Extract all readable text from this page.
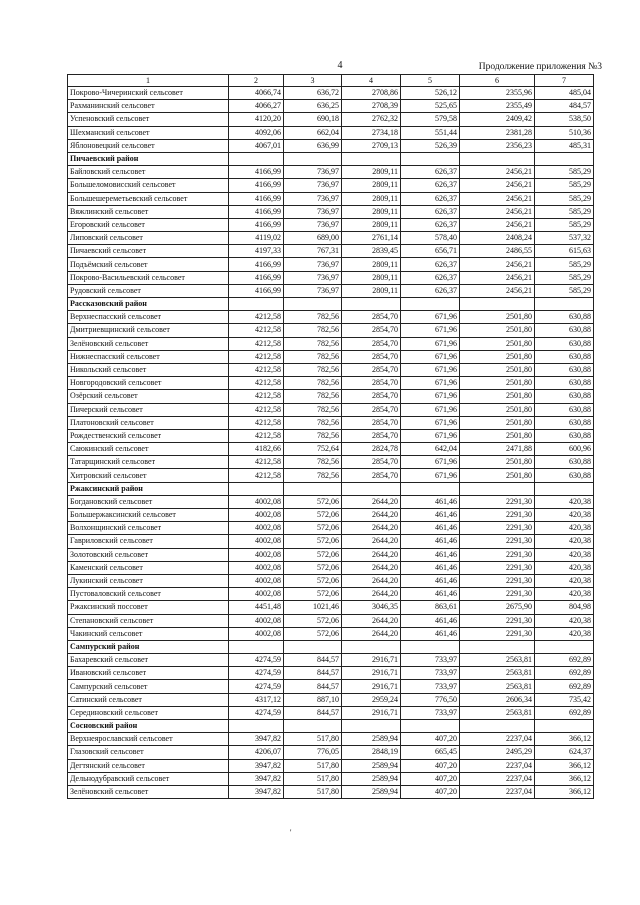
4	Продолжение приложения №3
1	2	3	4	5	6	7
Покрово-Чичеринский сельсовет	4066,74	636,72	2708,86	526,12	2355,96	485,04
Рахманинский сельсовет	4066,27	636,25	2708,39	525,65	2355,49	484,57
Успеновский сельсовет	4120,20	690,18	2762,32	579,58	2409,42	538,50
Шехманский сельсовет	4092,06	662,04	2734,18	551,44	2381,28	510,36
Яблоновецкий сельсовет	4067,01	636,99	2709,13	526,39	2356,23	485,31
Пичаевский район						
Байловский сельсовет	4166,99	736,97	2809,11	626,37	2456,21	585,29
Большеломовисский сельсовет	4166,99	736,97	2809,11	626,37	2456,21	585,29
Большешереметьевский сельсовет	4166,99	736,97	2809,11	626,37	2456,21	585,29
Вяжлинский сельсовет	4166,99	736,97	2809,11	626,37	2456,21	585,29
Егоровский сельсовет	4166,99	736,97	2809,11	626,37	2456,21	585,29
Липовский сельсовет	4119,02	689,00	2761,14	578,40	2408,24	537,32
Пичаевский сельсовет	4197,33	767,31	2839,45	656,71	2486,55	615,63
Подъёмский сельсовет	4166,99	736,97	2809,11	626,37	2456,21	585,29
Покрово-Васильевский сельсовет	4166,99	736,97	2809,11	626,37	2456,21	585,29
Рудовский сельсовет	4166,99	736,97	2809,11	626,37	2456,21	585,29
Рассказовский район						
Верхнеспасский сельсовет	4212,58	782,56	2854,70	671,96	2501,80	630,88
Дмитриевщинский сельсовет	4212,58	782,56	2854,70	671,96	2501,80	630,88
Зелёновский сельсовет	4212,58	782,56	2854,70	671,96	2501,80	630,88
Нижнеспасский сельсовет	4212,58	782,56	2854,70	671,96	2501,80	630,88
Никольский сельсовет	4212,58	782,56	2854,70	671,96	2501,80	630,88
Новгородовский сельсовет	4212,58	782,56	2854,70	671,96	2501,80	630,88
Озёрский сельсовет	4212,58	782,56	2854,70	671,96	2501,80	630,88
Пичерский сельсовет	4212,58	782,56	2854,70	671,96	2501,80	630,88
Платоновский сельсовет	4212,58	782,56	2854,70	671,96	2501,80	630,88
Рождественский сельсовет	4212,58	782,56	2854,70	671,96	2501,80	630,88
Саюкинский сельсовет	4182,66	752,64	2824,78	642,04	2471,88	600,96
Татарщинский сельсовет	4212,58	782,56	2854,70	671,96	2501,80	630,88
Хитровский сельсовет	4212,58	782,56	2854,70	671,96	2501,80	630,88
Ржаксинский район						
Богдановский сельсовет	4002,08	572,06	2644,20	461,46	2291,30	420,38
Большержаксинский сельсовет	4002,08	572,06	2644,20	461,46	2291,30	420,38
Волхонщинский сельсовет	4002,08	572,06	2644,20	461,46	2291,30	420,38
Гавриловский сельсовет	4002,08	572,06	2644,20	461,46	2291,30	420,38
Золотовский сельсовет	4002,08	572,06	2644,20	461,46	2291,30	420,38
Каменский сельсовет	4002,08	572,06	2644,20	461,46	2291,30	420,38
Лукинский сельсовет	4002,08	572,06	2644,20	461,46	2291,30	420,38
Пустоваловский сельсовет	4002,08	572,06	2644,20	461,46	2291,30	420,38
Ржаксинский поссовет	4451,48	1021,46	3046,35	863,61	2675,90	804,98
Степановский сельсовет	4002,08	572,06	2644,20	461,46	2291,30	420,38
Чакинский сельсовет	4002,08	572,06	2644,20	461,46	2291,30	420,38
Сампурский район						
Бахаревский сельсовет	4274,59	844,57	2916,71	733,97	2563,81	692,89
Ивановский сельсовет	4274,59	844,57	2916,71	733,97	2563,81	692,89
Сампурский сельсовет	4274,59	844,57	2916,71	733,97	2563,81	692,89
Сатинский сельсовет	4317,12	887,10	2959,24	776,50	2606,34	735,42
Серединовский сельсовет	4274,59	844,57	2916,71	733,97	2563,81	692,89
Сосновский район						
Верхнеярославский сельсовет	3947,82	517,80	2589,94	407,20	2237,04	366,12
Глазовский сельсовет	4206,07	776,05	2848,19	665,45	2495,29	624,37
Дегтянский сельсовет	3947,82	517,80	2589,94	407,20	2237,04	366,12
Дельнодубравский сельсовет	3947,82	517,80	2589,94	407,20	2237,04	366,12
Зелёновский сельсовет	3947,82	517,80	2589,94	407,20	2237,04	366,12
'
